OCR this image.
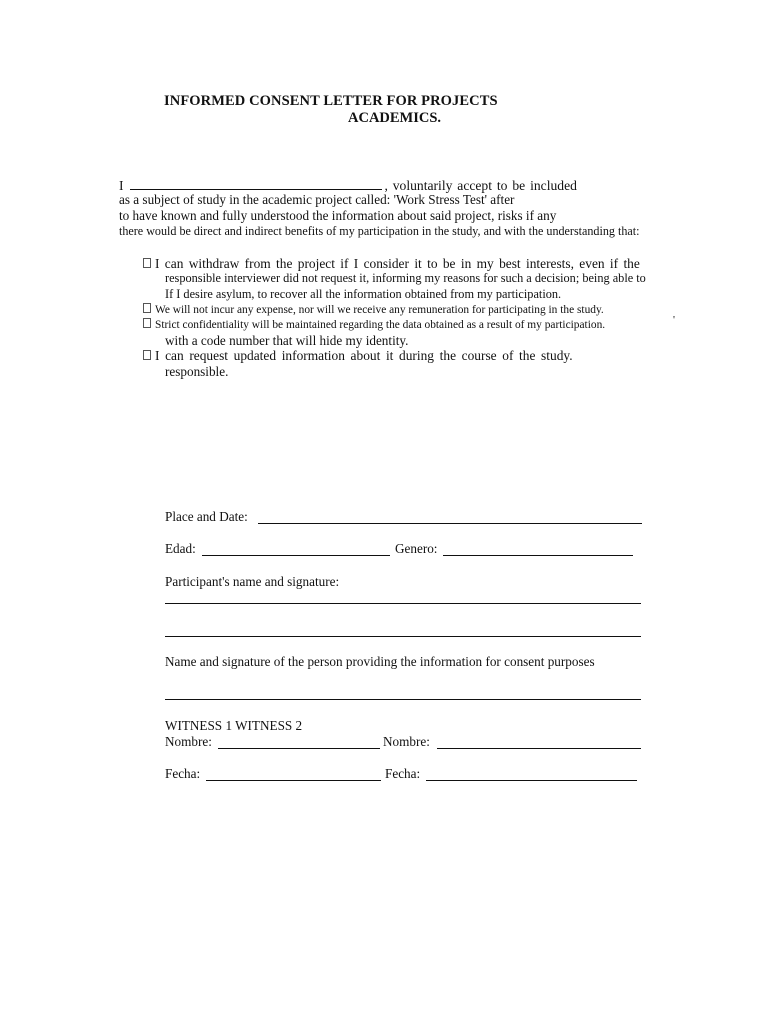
INFORMED CONSENT LETTER FOR PROJECTS
ACADEMICS.
I	, voluntarily accept to be included
as a subject of study in the academic project called: 'Work Stress Test' after
to have known and fully understood the information about said project, risks if any
there would be direct and indirect benefits of my participation in the study, and with the understanding that:
I can withdraw from the project if I consider it to be in my best interests, even if the
responsible interviewer did not request it, informing my reasons for such a decision; being able to
If I desire asylum, to recover all the information obtained from my participation.
We will not incur any expense, nor will we receive any remuneration for participating in the study.
Strict confidentiality will be maintained regarding the data obtained as a result of my participation.	'
with a code number that will hide my identity.
I can request updated information about it during the course of the study.
responsible.
Place and Date:
Edad:	Genero:
Participant's name and signature:
Name and signature of the person providing the information for consent purposes
WITNESS 1 WITNESS 2
Nombre:	Nombre:
Fecha:	Fecha:
